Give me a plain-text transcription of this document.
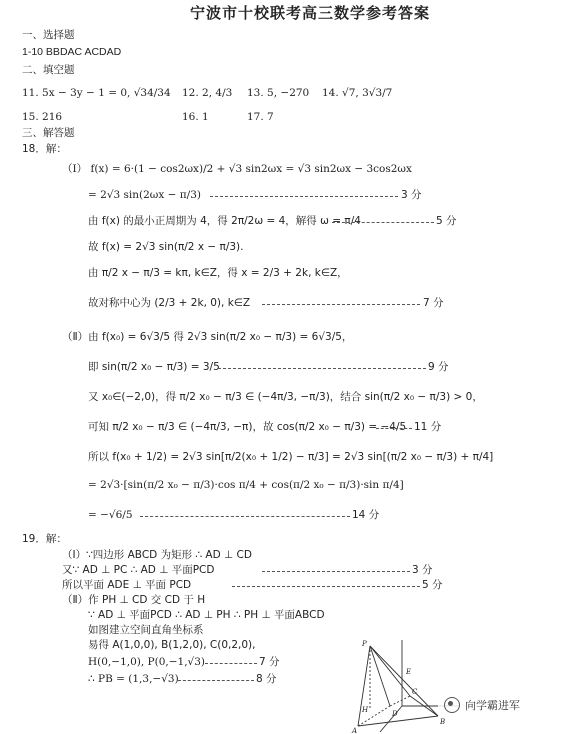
宁波市十校联考高三数学参考答案
一、选择题
1-10 BBDAC ACDAD
二、填空题
11. 5x − 3y − 1 = 0, √34/34 12. 2, 4/3 13. 5, −270 14. √7, 3√3/7
15. 216	16. 1	17. 7
三、解答题
18．解：
（Ⅰ） f(x) = 6·(1 − cos2ωx)/2 + √3 sin2ωx = √3 sin2ωx − 3cos2ωx
= 2√3 sin(2ωx − π/3)	3 分
由 f(x) 的最小正周期为 4，得 2π/2ω = 4，解得 ω = π/4	5 分
故 f(x) = 2√3 sin(π/2 x − π/3).
由 π/2 x − π/3 = kπ, k∈Z，得 x = 2/3 + 2k, k∈Z，
故对称中心为 (2/3 + 2k, 0), k∈Z	7 分
（Ⅱ）由 f(x₀) = 6√3/5 得 2√3 sin(π/2 x₀ − π/3) = 6√3/5，
即 sin(π/2 x₀ − π/3) = 3/5	9 分
又 x₀∈(−2,0)，得 π/2 x₀ − π/3 ∈ (−4π/3, −π/3)，结合 sin(π/2 x₀ − π/3) > 0，
可知 π/2 x₀ − π/3 ∈ (−4π/3, −π)，故 cos(π/2 x₀ − π/3) = −4/5 11 分
所以 f(x₀ + 1/2) = 2√3 sin[π/2(x₀ + 1/2) − π/3] = 2√3 sin[(π/2 x₀ − π/3) + π/4]
= 2√3·[sin(π/2 x₀ − π/3)·cos π/4 + cos(π/2 x₀ − π/3)·sin π/4]
= −√6/5	14 分
19．解：
（Ⅰ）∵四边形 ABCD 为矩形 ∴ AD ⊥ CD
又∵ AD ⊥ PC ∴ AD ⊥ 平面PCD	3 分
所以平面 ADE ⊥ 平面 PCD	5 分
（Ⅱ）作 PH ⊥ CD 交 CD 于 H
∵ AD ⊥ 平面PCD ∴ AD ⊥ PH ∴ PH ⊥ 平面ABCD
如图建立空间直角坐标系
易得 A(1,0,0), B(1,2,0), C(0,2,0),
H(0,−1,0), P(0,−1,√3)	7 分
∴ PB = (1,3,−√3)	8 分
P
E
D
C
H
A
B
向学霸进军
